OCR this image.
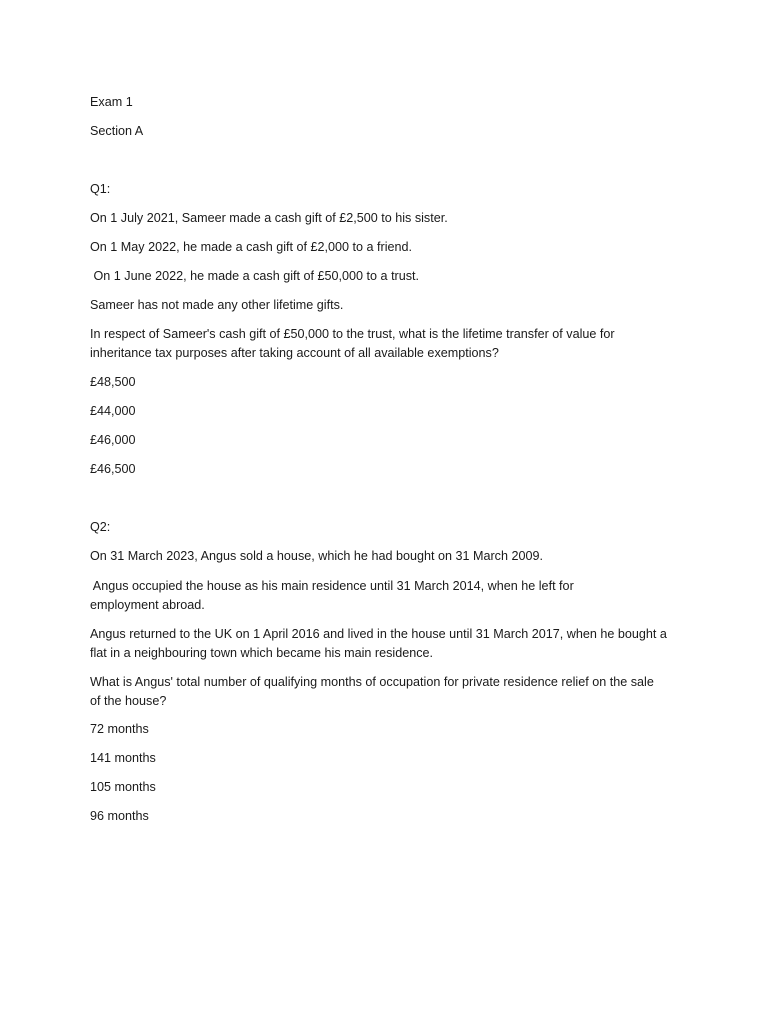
Exam 1

Section A

Q1:

On 1 July 2021, Sameer made a cash gift of £2,500 to his sister.

On 1 May 2022, he made a cash gift of £2,000 to a friend.

On 1 June 2022, he made a cash gift of £50,000 to a trust.

Sameer has not made any other lifetime gifts.

In respect of Sameer's cash gift of £50,000 to the trust, what is the lifetime transfer of value for
inheritance tax purposes after taking account of all available exemptions?

£48,500

£44,000

£46,000

£46,500

Q2:

On 31 March 2023, Angus sold a house, which he had bought on 31 March 2009.

Angus occupied the house as his main residence until 31 March 2014, when he left for
employment abroad.
Angus returned to the UK on 1 April 2016 and lived in the house until 31 March 2017, when he bought a
flat in a neighbouring town which became his main residence.
What is Angus' total number of qualifying months of occupation for private residence relief on the sale
of the house?

72 months

141 months

105 months

96 months
